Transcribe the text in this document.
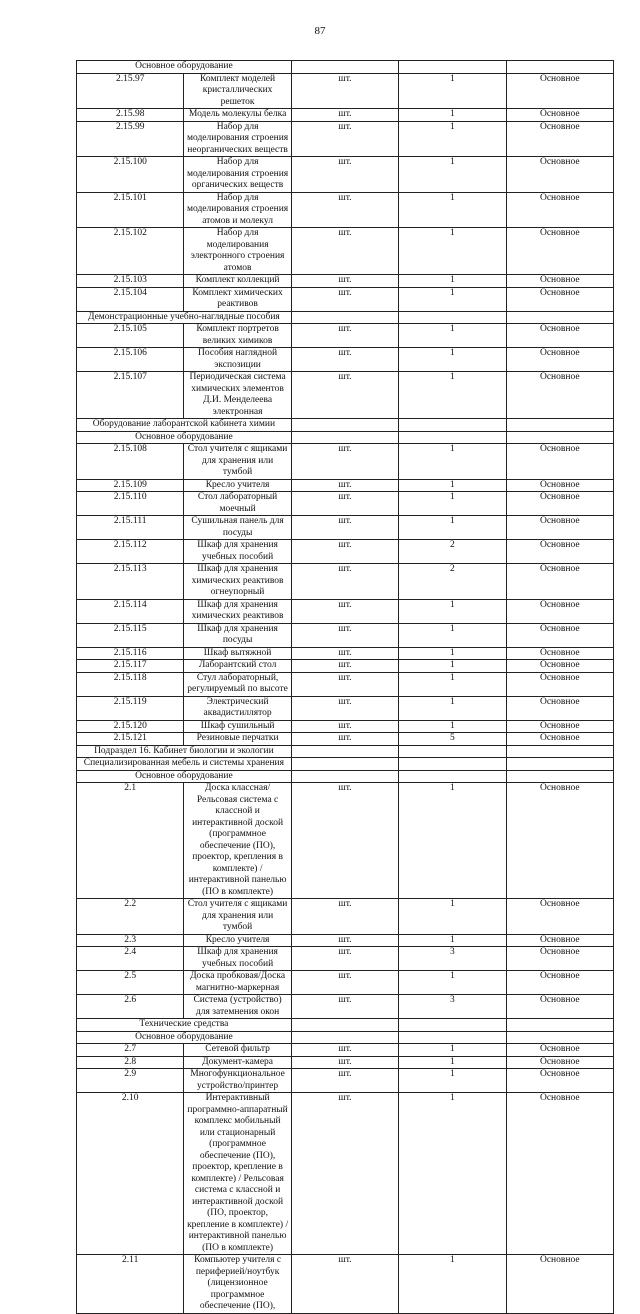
87
Основное оборудование				
2.15.97	Комплект моделей кристаллических решеток	шт.	1	Основное
2.15.98	Модель молекулы белка	шт.	1	Основное
2.15.99	Набор для моделирования строения неорганических веществ	шт.	1	Основное
2.15.100	Набор для моделирования строения органических веществ	шт.	1	Основное
2.15.101	Набор для моделирования строения атомов и молекул	шт.	1	Основное
2.15.102	Набор для моделирования электронного строения атомов	шт.	1	Основное
2.15.103	Комплект коллекций	шт.	1	Основное
2.15.104	Комплект химических реактивов	шт.	1	Основное
Демонстрационные учебно-наглядные пособия				
2.15.105	Комплект портретов великих химиков	шт.	1	Основное
2.15.106	Пособия наглядной экспозиции	шт.	1	Основное
2.15.107	Периодическая система химических элементов Д.И. Менделеева электронная	шт.	1	Основное
Оборудование лаборантской кабинета химии				
Основное оборудование				
2.15.108	Стол учителя с ящиками для хранения или тумбой	шт.	1	Основное
2.15.109	Кресло учителя	шт.	1	Основное
2.15.110	Стол лабораторный моечный	шт.	1	Основное
2.15.111	Сушильная панель для посуды	шт.	1	Основное
2.15.112	Шкаф для хранения учебных пособий	шт.	2	Основное
2.15.113	Шкаф для хранения химических реактивов огнеупорный	шт.	2	Основное
2.15.114	Шкаф для хранения химических реактивов	шт.	1	Основное
2.15.115	Шкаф для хранения посуды	шт.	1	Основное
2.15.116	Шкаф вытяжной	шт.	1	Основное
2.15.117	Лаборантский стол	шт.	1	Основное
2.15.118	Стул лабораторный, регулируемый по высоте	шт.	1	Основное
2.15.119	Электрический аквадистиллятор	шт.	1	Основное
2.15.120	Шкаф сушильный	шт.	1	Основное
2.15.121	Резиновые перчатки	шт.	5	Основное
Подраздел 16. Кабинет биологии и экологии				
Специализированная мебель и системы хранения				
Основное оборудование				
2.1	Доска классная/Рельсовая система с классной и интерактивной доской (программное обеспечение (ПО), проектор, крепления в комплекте) / интерактивной панелью (ПО в комплекте)	шт.	1	Основное
2.2	Стол учителя с ящиками для хранения или тумбой	шт.	1	Основное
2.3	Кресло учителя	шт.	1	Основное
2.4	Шкаф для хранения учебных пособий	шт.	3	Основное
2.5	Доска пробковая/Доска магнитно-маркерная	шт.	1	Основное
2.6	Система (устройство) для затемнения окон	шт.	3	Основное
Технические средства				
Основное оборудование				
2.7	Сетевой фильтр	шт.	1	Основное
2.8	Документ-камера	шт.	1	Основное
2.9	Многофункциональное устройство/принтер	шт.	1	Основное
2.10	Интерактивный программно-аппаратный комплекс мобильный или стационарный (программное обеспечение (ПО), проектор, крепление в комплекте) / Рельсовая система с классной и интерактивной доской (ПО, проектор, крепление в комплекте) / интерактивной панелью (ПО в комплекте)	шт.	1	Основное
2.11	Компьютер учителя с периферией/ноутбук (лицензионное программное обеспечение (ПО),	шт.	1	Основное
